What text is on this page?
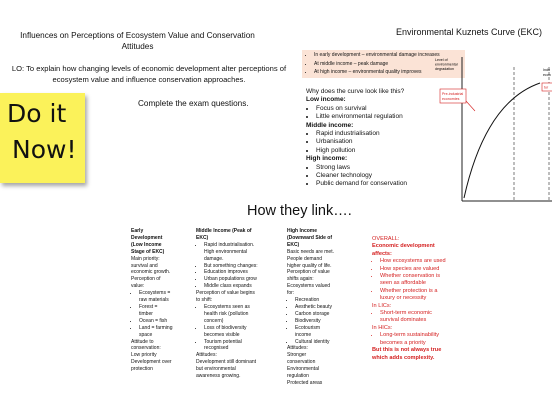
Influences on Perceptions of Ecosystem Value and Conservation Attitudes
LO: To explain how changing levels of economic development alter perceptions of ecosystem value and influence conservation approaches.
Complete the exam questions.
Do it
Now!
• In early development – environmental damage increases
• At middle income – peak damage
• At high income – environmental quality improves
Why does the curve look like this?
Low income:
• Focus on survival
• Little environmental regulation
Middle income:
• Rapid industrialisation
• Urbanisation
• High pollution
High income:
• Strong laws
• Cleaner technology
• Public demand for conservation
Environmental Kuznets Curve (EKC)
Level of
environmental
degradation
Pre-industrial
economies
Indu
econ
tur
How they link….
Early
Development
(Low Income
Stage of EKC)

Main priority:

survival and

economic growth.

Perception of

value:

• Ecosystems =
raw materials
• Forest =
timber
• Ocean = fish
• Land = farming
space

Attitude to

conservation:

Low priority

Development over

protection

Middle Income (Peak of
EKC)
• Rapid industrialisation.
High environmental
damage.
• But something changes:
• Education improves
• Urban populations grow
• Middle class expands

Perception of value begins

to shift:

• Ecosystems seen as
health risk (pollution
concern)
• Loss of biodiversity
becomes visible
• Tourism potential
recognised

Attitudes:

Development still dominant

but environmental

awareness growing.

High Income
(Downward Side of
EKC)

Basic needs are met.

People demand

higher quality of life.

Perception of value

shifts again:

Ecosystems valued

for:

• Recreation
• Aesthetic beauty
• Carbon storage
• Biodiversity
• Ecotourism
income
• Cultural identity

Attitudes:

Stronger

conservation

Environmental

regulation

Protected areas

OVERALL:

Economic development

affects:

• How ecosystems are used
• How species are valued
• Whether conservation is
seen as affordable
• Whether protection is a
luxury or necessity

In LICs:

• Short-term economic
survival dominates

In HICs:

• Long-term sustainability
becomes a priority

But this is not always true

which adds complexity.
